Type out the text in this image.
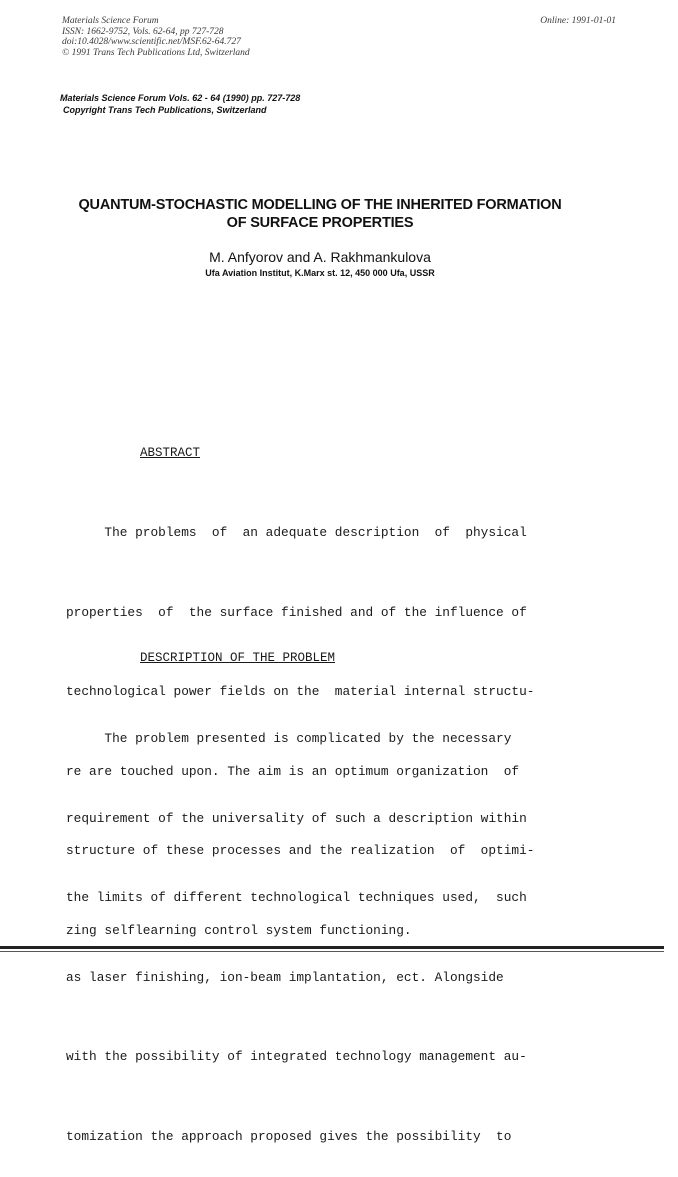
Materials Science Forum
ISSN: 1662-9752, Vols. 62-64, pp 727-728
doi:10.4028/www.scientific.net/MSF.62-64.727
© 1991 Trans Tech Publications Ltd, Switzerland
Online: 1991-01-01
Materials Science Forum Vols. 62 - 64 (1990) pp. 727-728
Copyright Trans Tech Publications, Switzerland
QUANTUM-STOCHASTIC MODELLING OF THE INHERITED FORMATION
OF SURFACE PROPERTIES
M. Anfyorov and A. Rakhmankulova
Ufa Aviation Institut, K.Marx st. 12, 450 000 Ufa, USSR
ABSTRACT

The problems  of  an adequate description  of  physical

properties  of  the surface finished and of the influence of

technological power fields on the  material internal structu-

re are touched upon. The aim is an optimum organization  of

structure of these processes and the realization  of  optimi-

zing selflearning control system functioning.

DESCRIPTION OF THE PROBLEM

The problem presented is complicated by the necessary

requirement of the universality of such a description within

the limits of different technological techniques used,  such

as laser finishing, ion-beam implantation, ect. Alongside

with the possibility of integrated technology management au-

tomization the approach proposed gives the possibility  to
